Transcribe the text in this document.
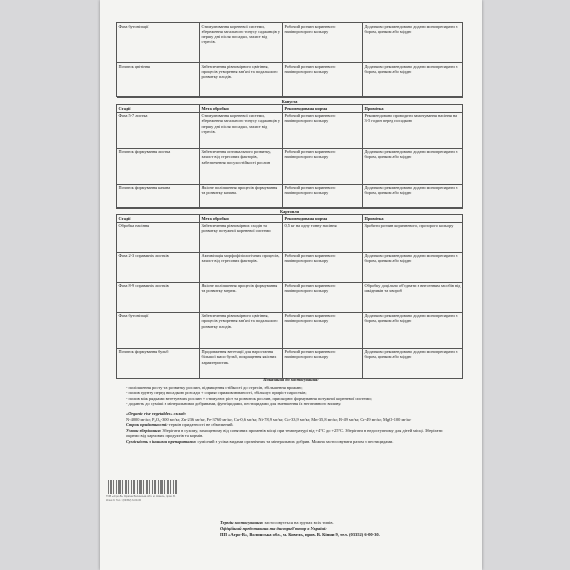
Фаза бутонізації	Стимулювання кореневої системи, збереження загального тонусу саджанців у першу дні після посадки, захист від стресів.	Робочий розчин кориневого напівпрозорого кольору	Додатково рекомендовано додати монопрепарати з бором, цинком або міддю
Початок цвітіння	Забезпечення рівномірного цвітіння, процесів утворення зав'язі та подальшого розвитку плодів.	Робочий розчин кориневого напівпрозорого кольору	Додатково рекомендовано додати монопрепарати з бором, цинком або міддю
Капуста			
Стадії	Мета обробки	Рекомендована норма	Примітка
Фаза 5-7 листка	Стимулювання кореневої системи, збереження загального тонусу саджанців у першу дні після посадки, захист від стресів.	Робочий розчин кориневого напівпрозорого кольору	Рекомендовано проводити замочування насіння на 3-5 годин перед посадкою
Початок формування листка	Забезпечення оптимального розвитку, захист від стресових факторів, забезпечення посухостійкості рослин	Робочий розчин кориневого напівпрозорого кольору	Додатково рекомендовано додати монопрепарати з бором, цинком або міддю
Початок формування качана	Якісне поліпшення процесів формування та розвитку качана.	Робочий розчин кориневого напівпрозорого кольору	Додатково рекомендовано додати монопрепарати з бором, цинком або міддю
Картопля			
Стадії	Мета обробки	Рекомендована норма	Примітка
Обробка насіння	Забезпечення рівномірних сходів та розвитку потужної кореневої системи	0,5 кг на одну тонну насіння	Зробити розчин коричневого, прозорого кольору
Фаза 2-3 справжніх листків	Активізація морфофізіологічних процесів, захист від стресових факторів.	Робочий розчин кориневого напівпрозорого кольору	Додатково рекомендовано додати монопрепарати з бором, цинком або міддю
Фаза 8-9 справжніх листків	Якісне поліпшення процесів формування та розвитку мереж.	Робочий розчин кориневого напівпрозорого кольору	Обробку доцільно об'єднати з внесенням засобів від шкідників та хвороб
Фаза бутонізації	Забезпечення рівномірного цвітіння, процесів утворення зав'язі та подальшого розвитку плодів.	Робочий розчин кориневого напівпрозорого кольору	Додатково рекомендовано додати монопрепарати з бором, цинком або міддю
Початок формування бульб	Продовження вегетації для наростання більшої маси бульб, покращення якісних характеристик.	Робочий розчин кориневого напівпрозорого кольору	Додатково рекомендовано додати монопрепарати з бором, цинком або міддю

Показання до застосування:

- поліпшення росту та розвитку рослин, підвищення стійкості до стресів, збільшення врожаю;

- полив грунту перед висадкою розсади + сприяє приживлюваності, збільшує приріст паростків;

- полив між рядками вегетуючих рослин + стимулює ріст та розвиток рослин, прискорює формування потужної кореневої системи;

- додають до суміші з мінеральними добривами, фунгіцидами, пестицидами для зменшення їх негативного впливу.

«Organic rise vegetables» склад:

N-4000 мг/кг, P₂O₅-300 мг/кг, Zn-236 мг/кг, Fe-3760 мг/кг, Cu-0,6 мг/кг, Ni-78,9 мг/кг, Co-33,9 мг/кг, Mn-35,8 мг/кг, B-49 мг/кг, Cr-49 мг/кг, MgO-100 мг/кг

Строк придатності: термін придатності не обмежений.

Умови зберігання: Зберігати в сухому, захищеному від сонячних променів місці при температурі від +4°С до +25°С. Зберігати в недоступному для дітей місці. Зберігати окремо від харчових продуктів та кормів.

Сумісність з іншими препаратами: сумісний з усіма видами органічних та мінеральних добрив. Можна застосовувати разом з пестицидами.

ТОВ «Агро-В» Україна Волинська обл. м. Ковель, пров. В. Кіпни 9. Тел.: (03352) 6-00-30

Термін застосування: застосовується на групах всіх типів.

Офіційний представник та дистриб'ютор в Україні:

ПП «Агро-В», Волинська обл., м. Ковель, пров. В. Кіпни 9, тел. (03352) 6-00-30.
